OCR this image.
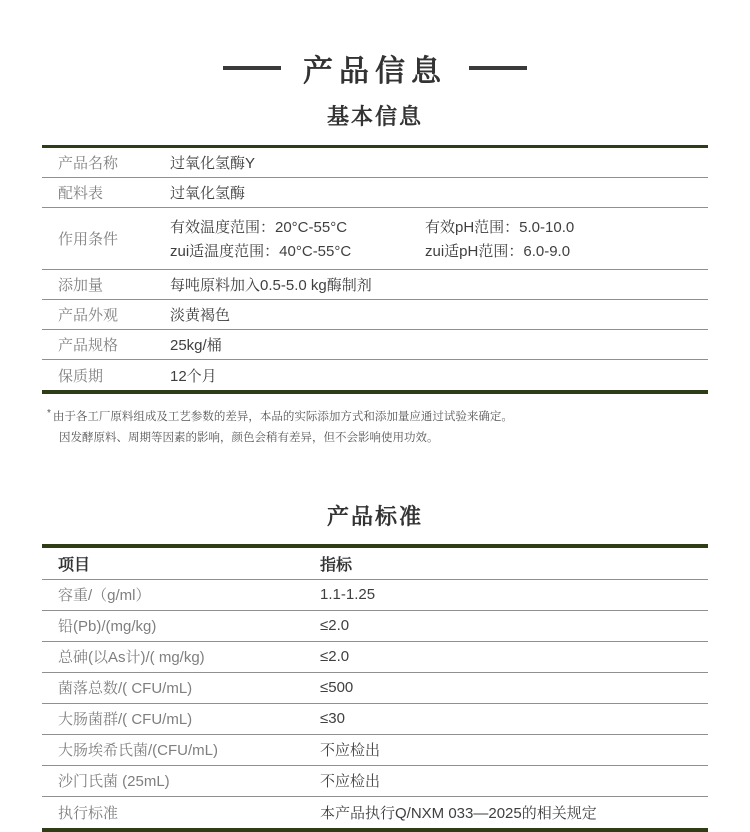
产品信息
基本信息
产品名称	过氧化氢酶Y
配料表	过氧化氢酶
作用条件
有效温度范围：20°C-55°C	有效pH范围：5.0-10.0
zui适温度范围：40°C-55°C	zui适pH范围：6.0-9.0
添加量	每吨原料加入0.5-5.0 kg酶制剂
产品外观	淡黄褐色
产品规格	25kg/桶
保质期	12个月
* 由于各工厂原料组成及工艺参数的差异，本品的实际添加方式和添加量应通过试验来确定。
因发酵原料、周期等因素的影响，颜色会稍有差异，但不会影响使用功效。
产品标准
项目	指标
容重/（g/ml）	1.1-1.25
铅(Pb)/(mg/kg)	≤2.0
总砷(以As计)/( mg/kg)	≤2.0
菌落总数/( CFU/mL)	≤500
大肠菌群/( CFU/mL)	≤30
大肠埃希氏菌/(CFU/mL)	不应检出
沙门氏菌 (25mL)	不应检出
执行标准	本产品执行Q/NXM 033—2025的相关规定
